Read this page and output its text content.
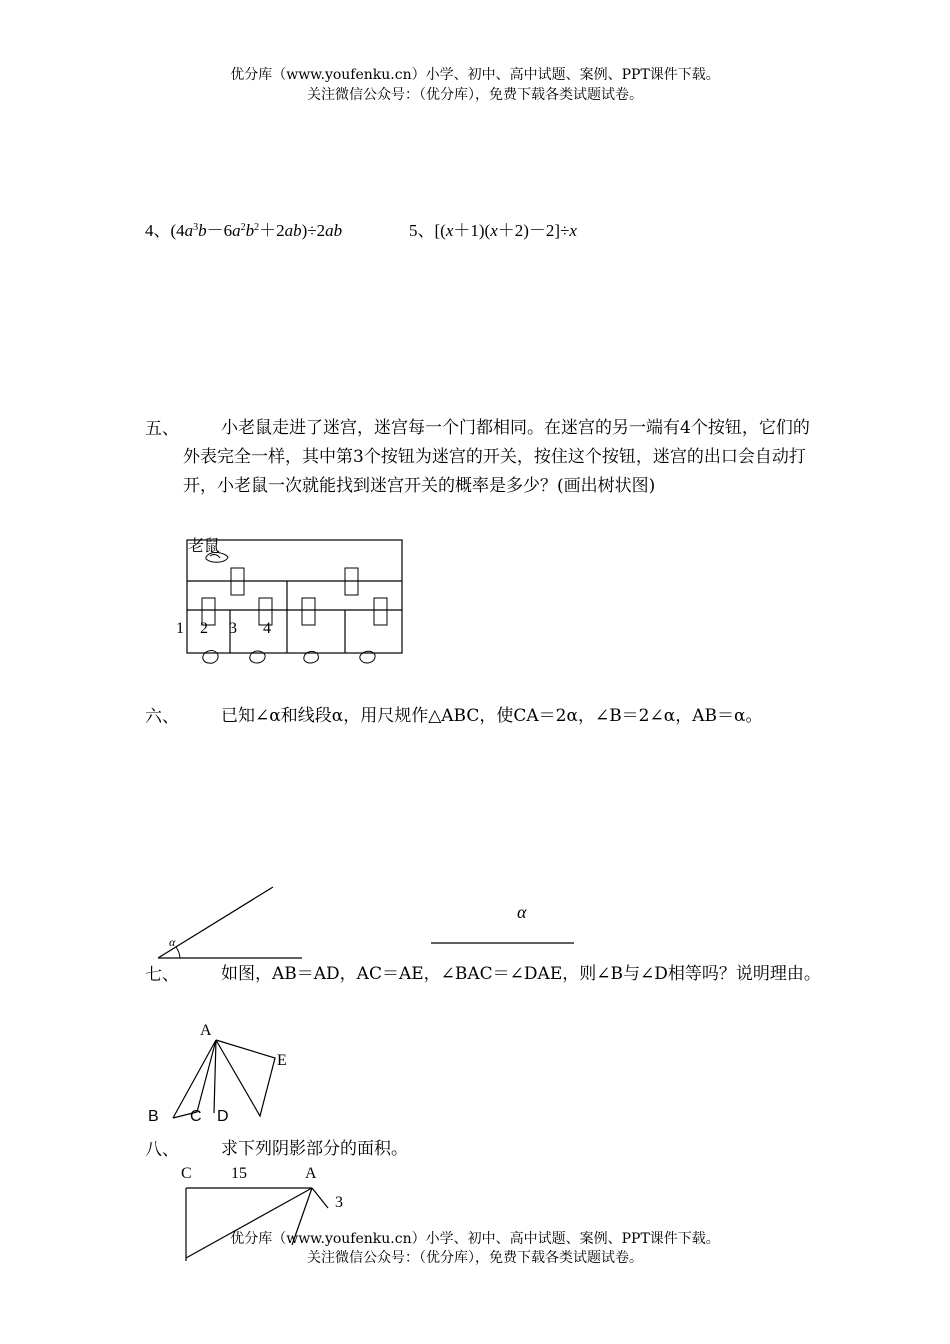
优分库（www.youfenku.cn）小学、初中、高中试题、案例、PPT课件下载。
关注微信公众号：（优分库），免费下载各类试题试卷。
4、$(4a^3b-6a^2b^2+2ab)\div 2ab$	5、[(x＋1)(x＋2)－2]÷x
五、	小老鼠走进了迷宫，迷宫每一个门都相同。在迷宫的另一端有4个按钮，它们的外表完全一样，其中第3个按钮为迷宫的开关，按住这个按钮，迷宫的出口会自动打开，小老鼠一次就能找到迷宫开关的概率是多少？(画出树状图)
老鼠
1 2 3 4
六、	已知∠α和线段α，用尺规作△ABC，使CA＝2α，∠B＝2∠α，AB＝α。
α
α
七、	如图，AB＝AD，AC＝AE，∠BAC＝∠DAE，则∠B与∠D相等吗？说明理由。
A
E
B C D
八、	求下列阴影部分的面积。
C 15	A
3
优分库（www.youfenku.cn）小学、初中、高中试题、案例、PPT课件下载。
关注微信公众号：（优分库），免费下载各类试题试卷。
